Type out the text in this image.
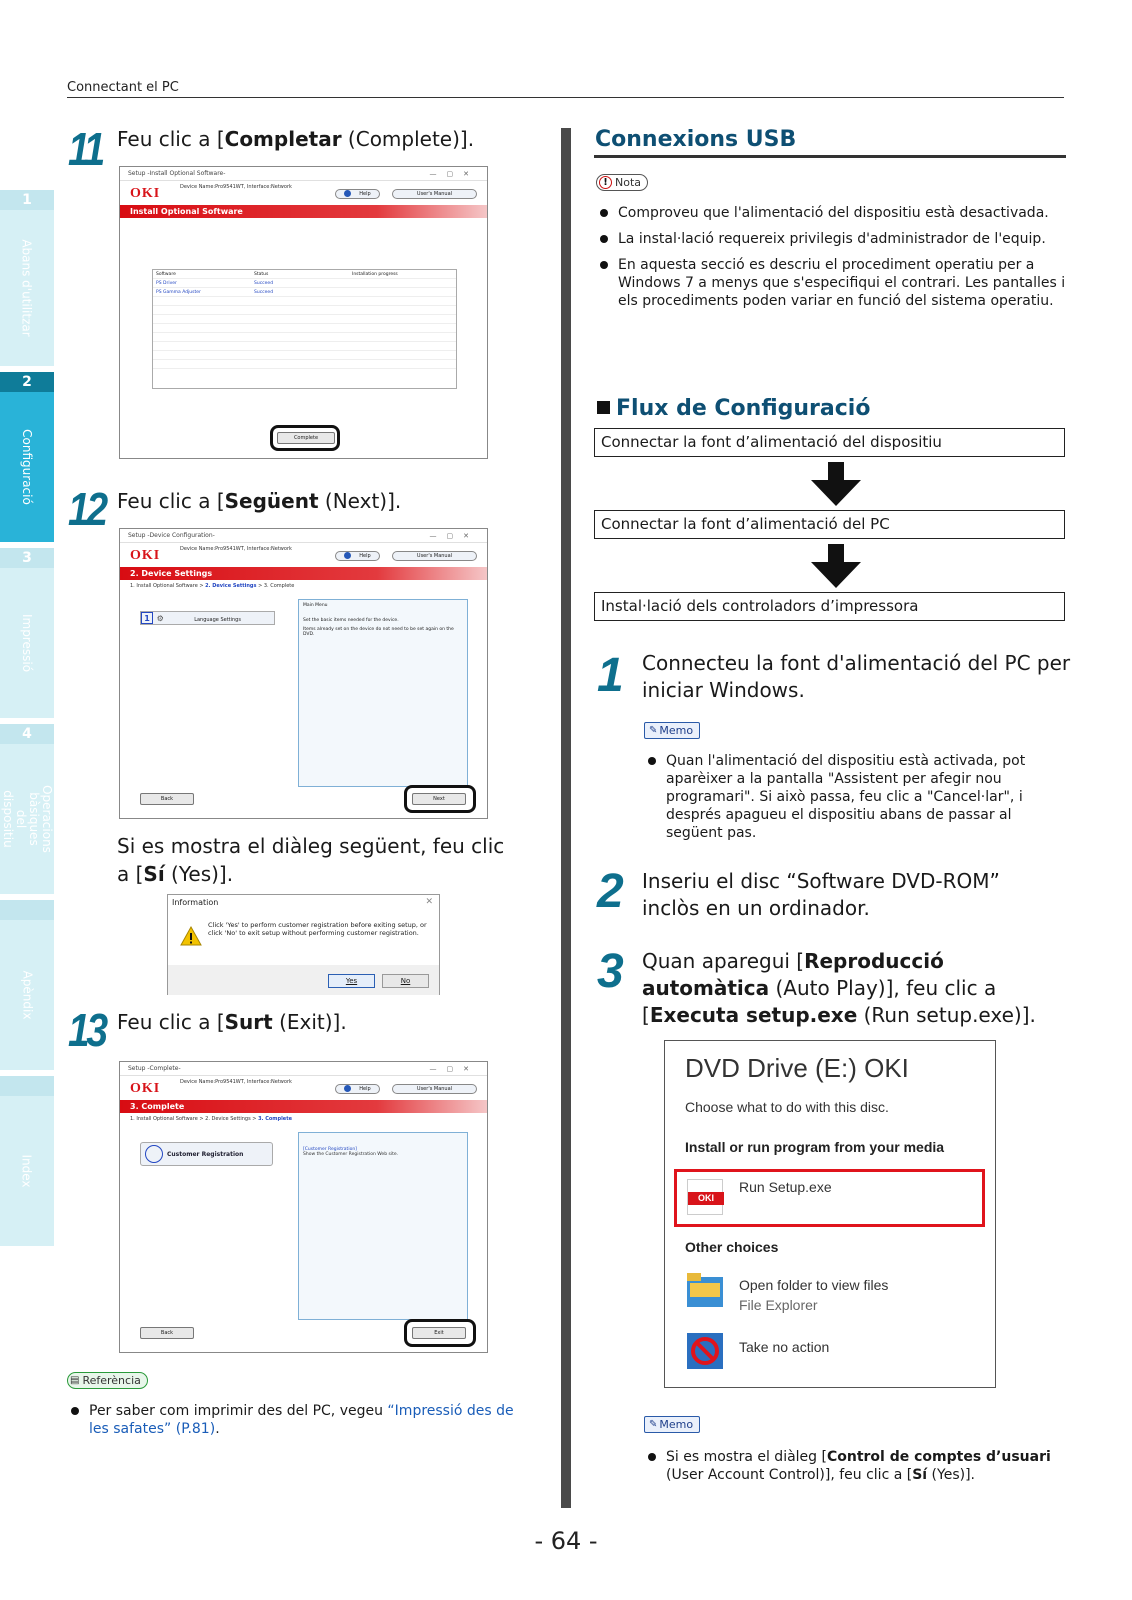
Connectant el PC
1
Abans d'utilitzar
2
Configuració
3
Impressió
4
Operacions bàsiques del dispositiu
Apèndix
Index
11 Feu clic a [Completar (Complete)].
Setup -Install Optional Software-	—▢✕
OKI	Device Name:Pro9541WT, Interface:Network
Help	User's Manual
Install Optional Software
Software	Status	Installation progress
PS Driver	Succeed
PS Gamma Adjuster	Succeed
Complete
12 Feu clic a [Següent (Next)].
Setup -Device Configuration-	—▢✕
OKI	Device Name:Pro9541WT, Interface:Network
Help	User's Manual
2. Device Settings
1. Install Optional Software > 2. Device Settings > 3. Complete
1 ⚙	Language Settings
Main Menu
Set the basic items needed for the device.
Items already set on the device do not need to be set again on the DVD.
Back	Next
Si es mostra el diàleg següent, feu clic
a [Sí (Yes)].
Information	✕
Click 'Yes' to perform customer registration before exiting setup, or click 'No' to exit setup without performing customer registration.
Yes	No
13 Feu clic a [Surt (Exit)].
Setup -Complete-	—▢✕
OKI	Device Name:Pro9541WT, Interface:Network
Help	User's Manual
3. Complete
1. Install Optional Software > 2. Device Settings > 3. Complete
Customer Registration
[Customer Registration]
Show the Customer Registration Web site.
Back	Exit
▤ Referència
Per saber com imprimir des del PC, vegeu “Impressió des de les safates” (P.81).
Connexions USB
! Nota
Comproveu que l'alimentació del dispositiu està desactivada.
La instal·lació requereix privilegis d'administrador de l'equip.
En aquesta secció es descriu el procediment operatiu per a Windows 7 a menys que s'especifiqui el contrari. Les pantalles i els procediments poden variar en funció del sistema operatiu.
Flux de Configuració
Connectar la font d’alimentació del dispositiu
Connectar la font d’alimentació del PC
Instal·lació dels controladors d’impressora
1 Connecteu la font d'alimentació del PC per iniciar Windows.
✎ Memo
Quan l'alimentació del dispositiu està activada, pot aparèixer a la pantalla "Assistent per afegir nou programari". Si això passa, feu clic a "Cancel·lar", i després apagueu el dispositiu abans de passar al següent pas.
2 Inseriu el disc “Software DVD-ROM” inclòs en un ordinador.
3 Quan aparegui [Reproducció automàtica (Auto Play)], feu clic a [Executa setup.exe (Run setup.exe)].
DVD Drive (E:) OKI
Choose what to do with this disc.
Install or run program from your media
OKI
Run Setup.exe
Other choices
Open folder to view files
File Explorer
Take no action
✎ Memo
Si es mostra el diàleg [Control de comptes d’usuari (User Account Control)], feu clic a [Sí (Yes)].
- 64 -
